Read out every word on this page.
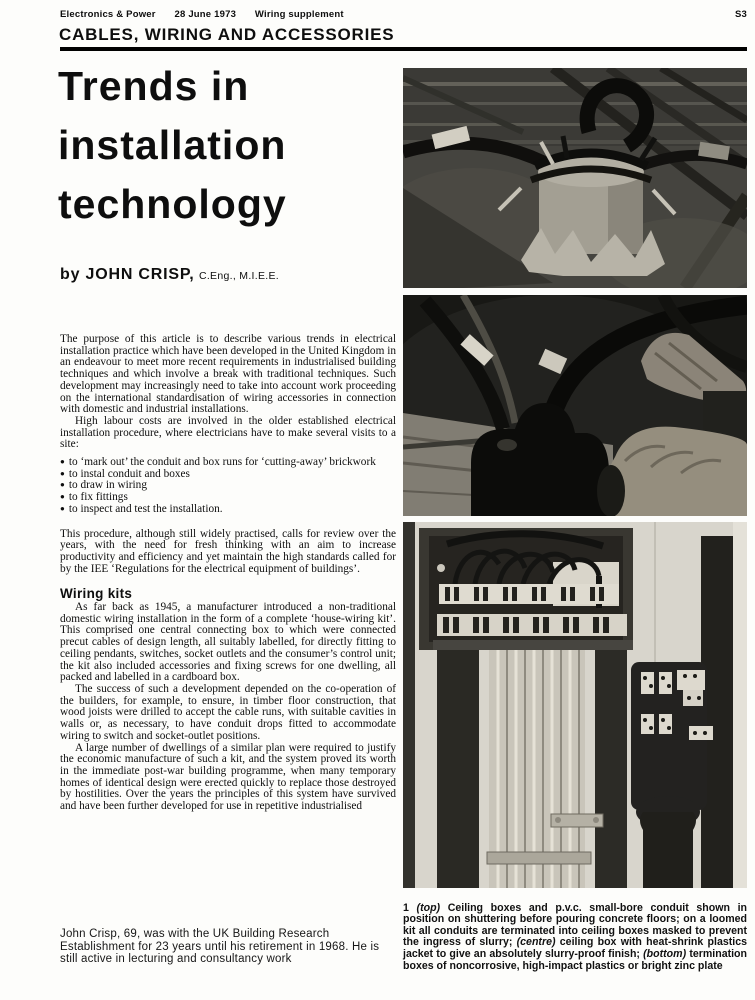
Electronics & Power 28 June 1973 Wiring supplement	S3
CABLES, WIRING AND ACCESSORIES
Trends in
installation
technology
by JOHN CRISP, C.Eng., M.I.E.E.

The purpose of this article is to describe various trends in electrical installation practice which have been developed in the United Kingdom in an endeavour to meet more recent requirements in industrialised building techniques and which involve a break with traditional techniques. Such development may increasingly need to take into account work proceeding on the international standardisation of wiring accessories in connection with domestic and industrial installations.

High labour costs are involved in the older established electrical installation procedure, where electricians have to make several visits to a site:

● to ‘mark out’ the conduit and box runs for ‘cutting-away’ brickwork
● to instal conduit and boxes
● to draw in wiring
● to fix fittings
● to inspect and test the installation.

This procedure, although still widely practised, calls for review over the years, with the need for fresh thinking with an aim to increase productivity and efficiency and yet maintain the high standards called for by the IEE ‘Regulations for the electrical equipment of buildings’.

Wiring kits

As far back as 1945, a manufacturer introduced a non-traditional domestic wiring installation in the form of a complete ‘house-wiring kit’. This comprised one central connecting box to which were connected precut cables of design length, all suitably labelled, for directly fitting to ceiling pendants, switches, socket outlets and the consumer’s control unit; the kit also included accessories and fixing screws for one dwelling, all packed and labelled in a cardboard box.

The success of such a development depended on the co-operation of the builders, for example, to ensure, in timber floor construction, that wood joists were drilled to accept the cable runs, with suitable cavities in walls or, as necessary, to have conduit drops fitted to accommodate wiring to switch and socket-outlet positions.

A large number of dwellings of a similar plan were required to justify the economic manufacture of such a kit, and the system proved its worth in the immediate post-war building programme, when many temporary homes of identical design were erected quickly to replace those destroyed by hostilities. Over the years the principles of this system have survived and have been further developed for use in repetitive industrialised

John Crisp, 69, was with the UK Building Research Establishment for 23 years until his retirement in 1968. He is still active in lecturing and consultancy work

1 (top) Ceiling boxes and p.v.c. small-bore conduit shown in position on shuttering before pouring concrete floors; on a loomed kit all conduits are terminated into ceiling boxes masked to prevent the ingress of slurry; (centre) ceiling box with heat-shrink plastics jacket to give an absolutely slurry-proof finish; (bottom) termination boxes of noncorrosive, high-impact plastics or bright zinc plate
